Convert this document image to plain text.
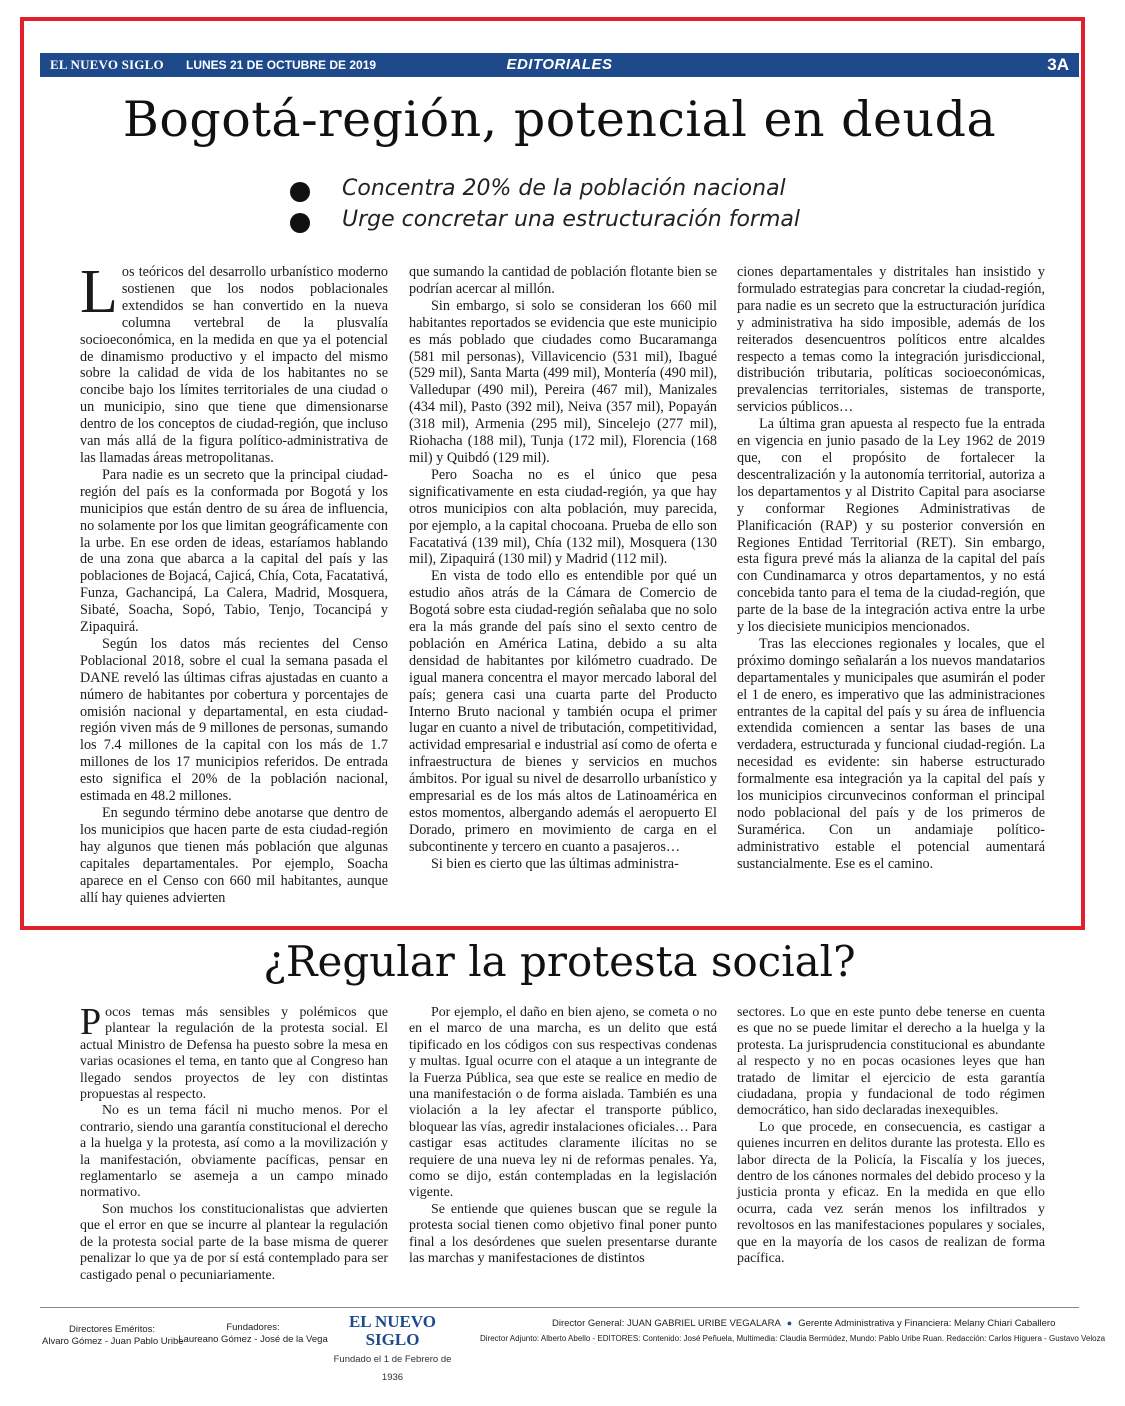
EL NUEVO SIGLO LUNES 21 DE OCTUBRE DE 2019	EDITORIALES	3A
Bogotá-región, potencial en deuda
Concentra 20% de la población nacional
Urge concretar una estructuración formal

Los teóricos del desarrollo urbanístico moderno sostienen que los nodos poblacionales extendidos se han convertido en la nueva columna vertebral de la plusvalía socioeconómica, en la medida en que ya el potencial de dinamismo productivo y el impacto del mismo sobre la calidad de vida de los habitantes no se concibe bajo los límites territoriales de una ciudad o un municipio, sino que tiene que dimensionarse dentro de los conceptos de ciudad-región, que incluso van más allá de la figura político-administrativa de las llamadas áreas metropolitanas.

Para nadie es un secreto que la principal ciudad-región del país es la conformada por Bogotá y los municipios que están dentro de su área de influencia, no solamente por los que limitan geográficamente con la urbe. En ese orden de ideas, estaríamos hablando de una zona que abarca a la capital del país y las poblaciones de Bojacá, Cajicá, Chía, Cota, Facatativá, Funza, Gachancipá, La Calera, Madrid, Mosquera, Sibaté, Soacha, Sopó, Tabio, Tenjo, Tocancipá y Zipaquirá.

Según los datos más recientes del Censo Poblacional 2018, sobre el cual la semana pasada el DANE reveló las últimas cifras ajustadas en cuanto a número de habitantes por cobertura y porcentajes de omisión nacional y departamental, en esta ciudad-región viven más de 9 millones de personas, sumando los 7.4 millones de la capital con los más de 1.7 millones de los 17 municipios referidos. De entrada esto significa el 20% de la población nacional, estimada en 48.2 millones.

En segundo término debe anotarse que dentro de los municipios que hacen parte de esta ciudad-región hay algunos que tienen más población que algunas capitales departamentales. Por ejemplo, Soacha aparece en el Censo con 660 mil habitantes, aunque allí hay quienes advierten

que sumando la cantidad de población flotante bien se podrían acercar al millón.

Sin embargo, si solo se consideran los 660 mil habitantes reportados se evidencia que este municipio es más poblado que ciudades como Bucaramanga (581 mil personas), Villavicencio (531 mil), Ibagué (529 mil), Santa Marta (499 mil), Montería (490 mil), Valledupar (490 mil), Pereira (467 mil), Manizales (434 mil), Pasto (392 mil), Neiva (357 mil), Popayán (318 mil), Armenia (295 mil), Sincelejo (277 mil), Riohacha (188 mil), Tunja (172 mil), Florencia (168 mil) y Quibdó (129 mil).

Pero Soacha no es el único que pesa significativamente en esta ciudad-región, ya que hay otros municipios con alta población, muy parecida, por ejemplo, a la capital chocoana. Prueba de ello son Facatativá (139 mil), Chía (132 mil), Mosquera (130 mil), Zipaquirá (130 mil) y Madrid (112 mil).

En vista de todo ello es entendible por qué un estudio años atrás de la Cámara de Comercio de Bogotá sobre esta ciudad-región señalaba que no solo era la más grande del país sino el sexto centro de población en América Latina, debido a su alta densidad de habitantes por kilómetro cuadrado. De igual manera concentra el mayor mercado laboral del país; genera casi una cuarta parte del Producto Interno Bruto nacional y también ocupa el primer lugar en cuanto a nivel de tributación, competitividad, actividad empresarial e industrial así como de oferta e infraestructura de bienes y servicios en muchos ámbitos. Por igual su nivel de desarrollo urbanístico y empresarial es de los más altos de Latinoamérica en estos momentos, albergando además el aeropuerto El Dorado, primero en movimiento de carga en el subcontinente y tercero en cuanto a pasajeros…

Si bien es cierto que las últimas administra-

ciones departamentales y distritales han insistido y formulado estrategias para concretar la ciudad-región, para nadie es un secreto que la estructuración jurídica y administrativa ha sido imposible, además de los reiterados desencuentros políticos entre alcaldes respecto a temas como la integración jurisdiccional, distribución tributaria, políticas socioeconómicas, prevalencias territoriales, sistemas de transporte, servicios públicos…

La última gran apuesta al respecto fue la entrada en vigencia en junio pasado de la Ley 1962 de 2019 que, con el propósito de fortalecer la descentralización y la autonomía territorial, autoriza a los departamentos y al Distrito Capital para asociarse y conformar Regiones Administrativas de Planificación (RAP) y su posterior conversión en Regiones Entidad Territorial (RET). Sin embargo, esta figura prevé más la alianza de la capital del país con Cundinamarca y otros departamentos, y no está concebida tanto para el tema de la ciudad-región, que parte de la base de la integración activa entre la urbe y los diecisiete municipios mencionados.

Tras las elecciones regionales y locales, que el próximo domingo señalarán a los nuevos mandatarios departamentales y municipales que asumirán el poder el 1 de enero, es imperativo que las administraciones entrantes de la capital del país y su área de influencia extendida comiencen a sentar las bases de una verdadera, estructurada y funcional ciudad-región. La necesidad es evidente: sin haberse estructurado formalmente esa integración ya la capital del país y los municipios circunvecinos conforman el principal nodo poblacional del país y de los primeros de Suramérica. Con un andamiaje político-administrativo estable el potencial aumentará sustancialmente. Ese es el camino.

¿Regular la protesta social?

Pocos temas más sensibles y polémicos que plantear la regulación de la protesta social. El actual Ministro de Defensa ha puesto sobre la mesa en varias ocasiones el tema, en tanto que al Congreso han llegado sendos proyectos de ley con distintas propuestas al respecto.

No es un tema fácil ni mucho menos. Por el contrario, siendo una garantía constitucional el derecho a la huelga y la protesta, así como a la movilización y la manifestación, obviamente pacíficas, pensar en reglamentarlo se asemeja a un campo minado normativo.

Son muchos los constitucionalistas que advierten que el error en que se incurre al plantear la regulación de la protesta social parte de la base misma de querer penalizar lo que ya de por sí está contemplado para ser castigado penal o pecuniariamente.

Por ejemplo, el daño en bien ajeno, se cometa o no en el marco de una marcha, es un delito que está tipificado en los códigos con sus respectivas condenas y multas. Igual ocurre con el ataque a un integrante de la Fuerza Pública, sea que este se realice en medio de una manifestación o de forma aislada. También es una violación a la ley afectar el transporte público, bloquear las vías, agredir instalaciones oficiales… Para castigar esas actitudes claramente ilícitas no se requiere de una nueva ley ni de reformas penales. Ya, como se dijo, están contempladas en la legislación vigente.

Se entiende que quienes buscan que se regule la protesta social tienen como objetivo final poner punto final a los desórdenes que suelen presentarse durante las marchas y manifestaciones de distintos

sectores. Lo que en este punto debe tenerse en cuenta es que no se puede limitar el derecho a la huelga y la protesta. La jurisprudencia constitucional es abundante al respecto y no en pocas ocasiones leyes que han tratado de limitar el ejercicio de esta garantía ciudadana, propia y fundacional de todo régimen democrático, han sido declaradas inexequibles.

Lo que procede, en consecuencia, es castigar a quienes incurren en delitos durante las protesta. Ello es labor directa de la Policía, la Fiscalía y los jueces, dentro de los cánones normales del debido proceso y la justicia pronta y eficaz. En la medida en que ello ocurra, cada vez serán menos los infiltrados y revoltosos en las manifestaciones populares y sociales, que en la mayoría de los casos de realizan de forma pacífica.

Directores Eméritos:
Alvaro Gómez - Juan Pablo Uribe
Fundadores:
Laureano Gómez - José de la Vega
EL NUEVO SIGLO
Fundado el 1 de Febrero de 1936
Director General: JUAN GABRIEL URIBE VEGALARA ● Gerente Administrativa y Financiera: Melany Chiari Caballero
Director Adjunto: Alberto Abello - EDITORES: Contenido: José Peñuela, Multimedia: Claudia Bermúdez, Mundo: Pablo Uribe Ruan. Redacción: Carlos Higuera - Gustavo Veloza
